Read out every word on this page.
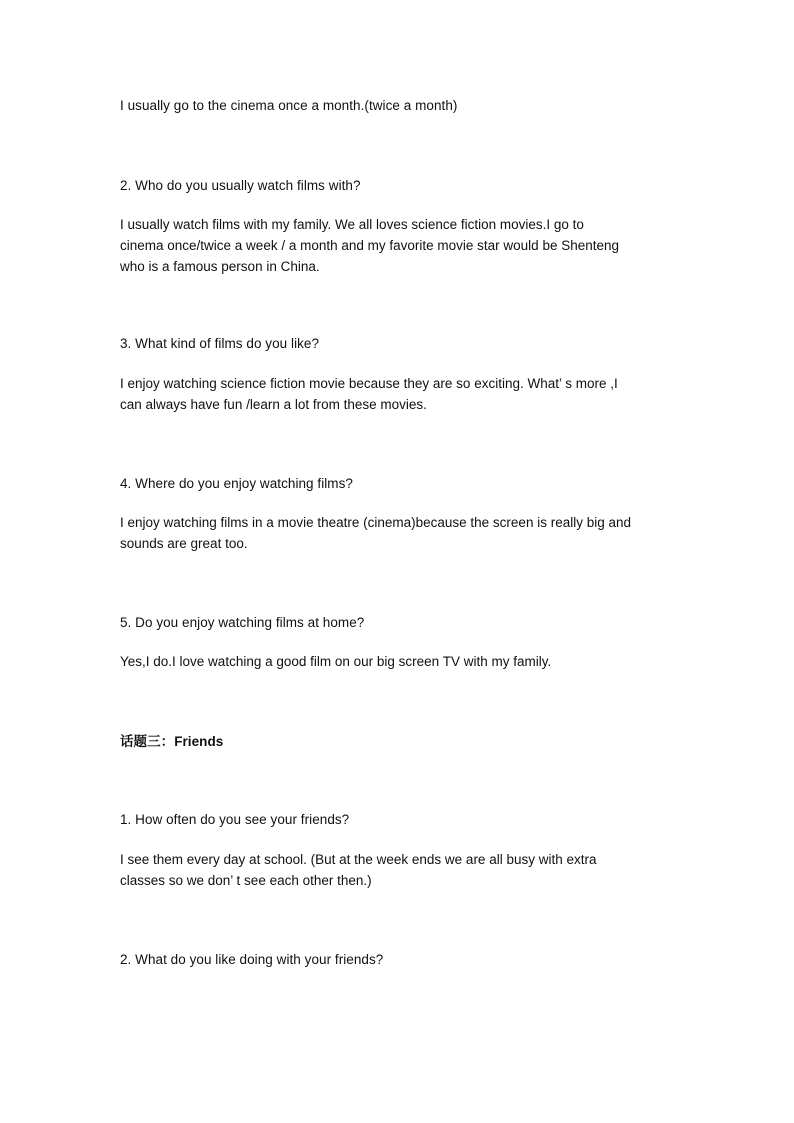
I usually go to the cinema once a month.(twice a month)
2. Who do you usually watch films with?
I usually watch films with my family. We all loves science fiction movies.I go to
cinema once/twice a week / a month and my favorite movie star would be Shenteng
who is a famous person in China.
3. What kind of films do you like?
I enjoy watching science fiction movie because they are so exciting. What’ s more ,I
can always have fun /learn a lot from these movies.
4. Where do you enjoy watching films?
I enjoy watching films in a movie theatre (cinema)because the screen is really big and
sounds are great too.
5. Do you enjoy watching films at home?
Yes,I do.I love watching a good film on our big screen TV with my family.
话题三：Friends
1. How often do you see your friends?
I see them every day at school. (But at the week ends we are all busy with extra
classes so we don’ t see each other then.)
2. What do you like doing with your friends?
